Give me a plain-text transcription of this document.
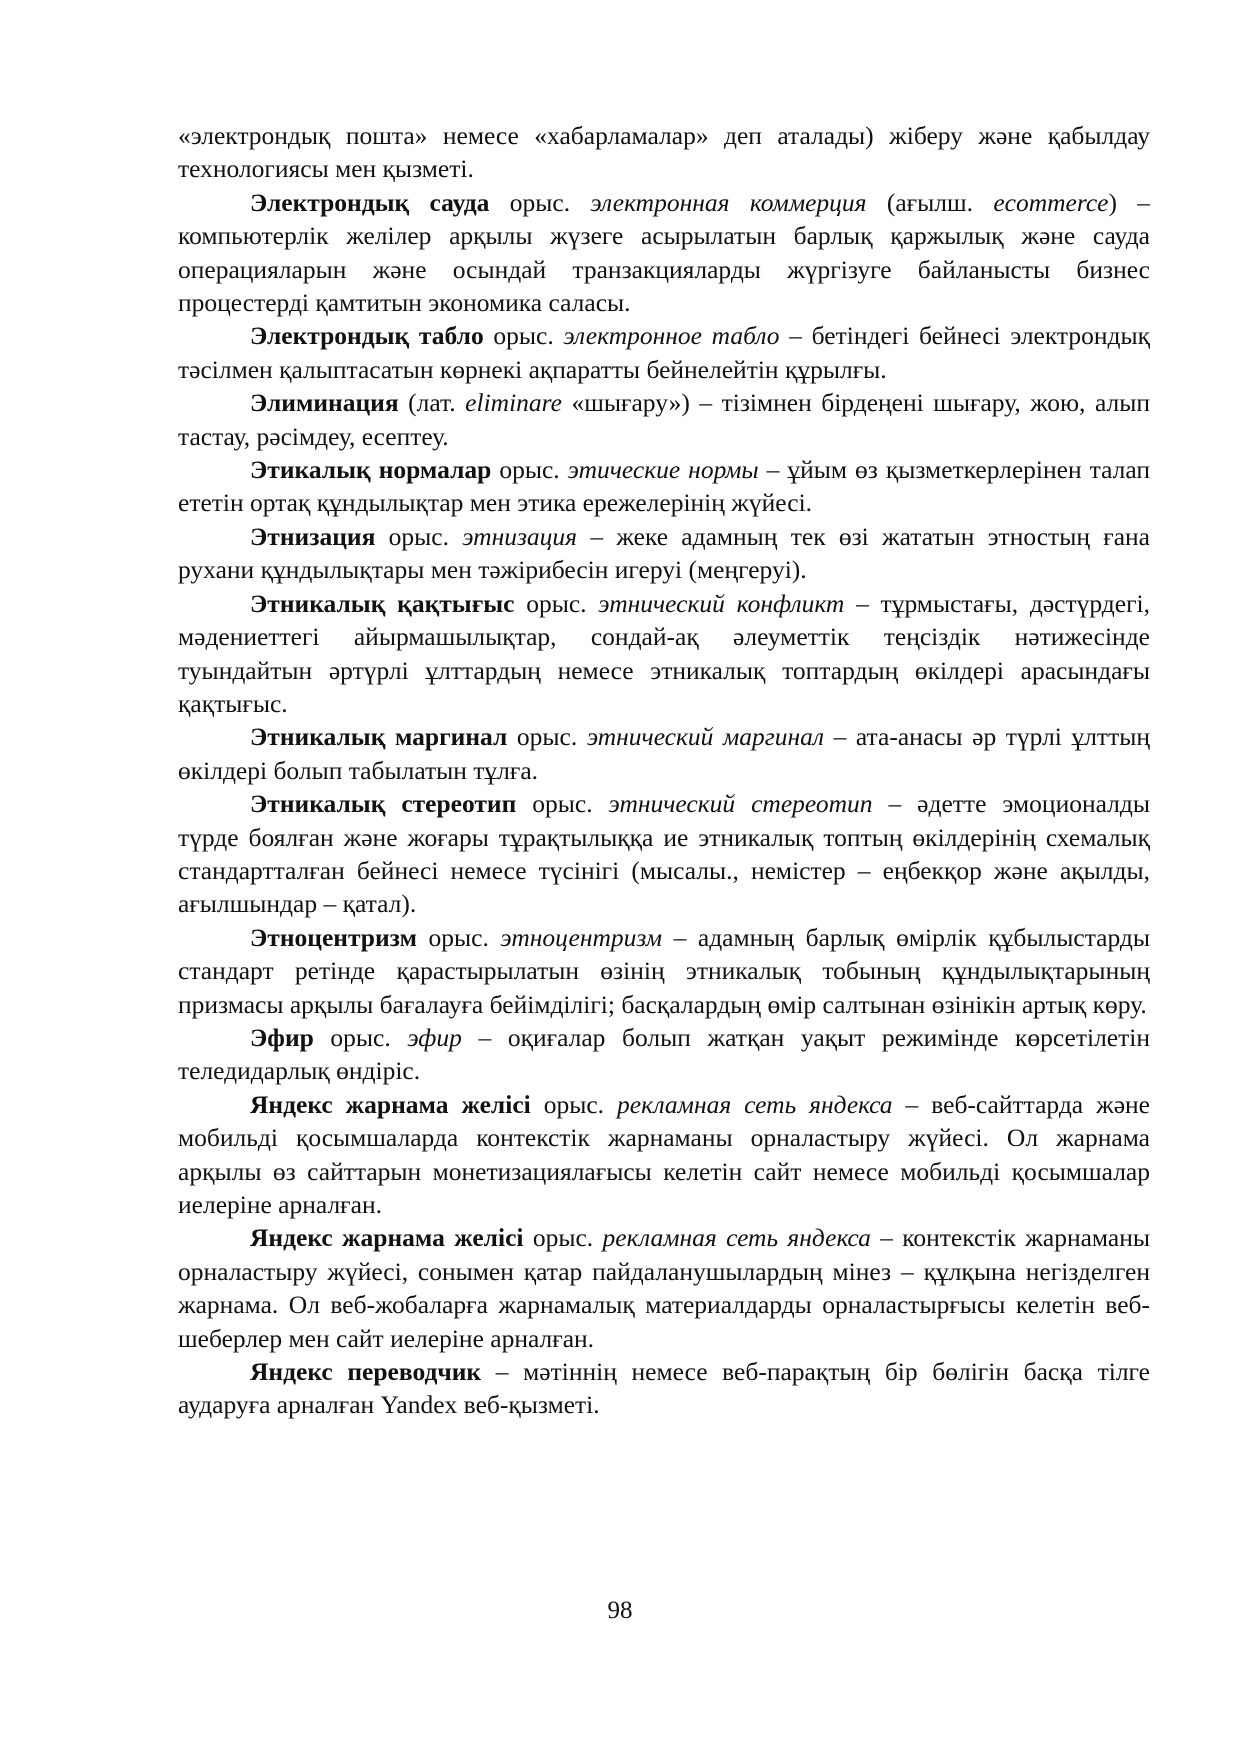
«электрондық пошта» немесе «хабарламалар» деп аталады) жіберу және қабылдау технологиясы мен қызметі.

Электрондық сауда орыс. электронная коммерция (ағылш. ecommerce) – компьютерлік желілер арқылы жүзеге асырылатын барлық қаржылық және сауда операцияларын және осындай транзакцияларды жүргізуге байланысты бизнес процестерді қамтитын экономика саласы.

Электрондық табло орыс. электронное табло – бетіндегі бейнесі электрондық тәсілмен қалыптасатын көрнекі ақпаратты бейнелейтін құрылғы.

Элиминация (лат. eliminare «шығару») – тізімнен бірдеңені шығару, жою, алып тастау, рәсімдеу, есептеу.

Этикалық нормалар орыс. этические нормы – ұйым өз қызметкерлерінен талап ететін ортақ құндылықтар мен этика ережелерінің жүйесі.

Этнизация орыс. этнизация – жеке адамның тек өзі жататын этностың ғана рухани құндылықтары мен тәжірибесін игеруі (меңгеруі).

Этникалық қақтығыс орыс. этнический конфликт – тұрмыстағы, дәстүрдегі, мәдениеттегі айырмашылықтар, сондай-ақ әлеуметтік теңсіздік нәтижесінде туындайтын әртүрлі ұлттардың немесе этникалық топтардың өкілдері арасындағы қақтығыс.

Этникалық маргинал орыс. этнический маргинал – ата-анасы әр түрлі ұлттың өкілдері болып табылатын тұлға.

Этникалық стереотип орыс. этнический стереотип – әдетте эмоционалды түрде боялған және жоғары тұрақтылыққа ие этникалық топтың өкілдерінің схемалық стандартталған бейнесі немесе түсінігі (мысалы., немістер – еңбекқор және ақылды, ағылшындар – қатал).

Этноцентризм орыс. этноцентризм – адамның барлық өмірлік құбылыстарды стандарт ретінде қарастырылатын өзінің этникалық тобының құндылықтарының призмасы арқылы бағалауға бейімділігі; басқалардың өмір салтынан өзінікін артық көру.

Эфир орыс. эфир – оқиғалар болып жатқан уақыт режимінде көрсетілетін теледидарлық өндіріс.

Яндекс жарнама желісі орыс. рекламная сеть яндекса – веб-сайттарда және мобильді қосымшаларда контекстік жарнаманы орналастыру жүйесі. Ол жарнама арқылы өз сайттарын монетизациялағысы келетін сайт немесе мобильді қосымшалар иелеріне арналған.

Яндекс жарнама желісі орыс. рекламная сеть яндекса – контекстік жарнаманы орналастыру жүйесі, сонымен қатар пайдаланушылардың мінез – құлқына негізделген жарнама. Ол веб-жобаларға жарнамалық материалдарды орналастырғысы келетін веб-шеберлер мен сайт иелеріне арналған.

Яндекс переводчик – мәтіннің немесе веб-парақтың бір бөлігін басқа тілге аударуға арналған Yandex веб-қызметі.

98
